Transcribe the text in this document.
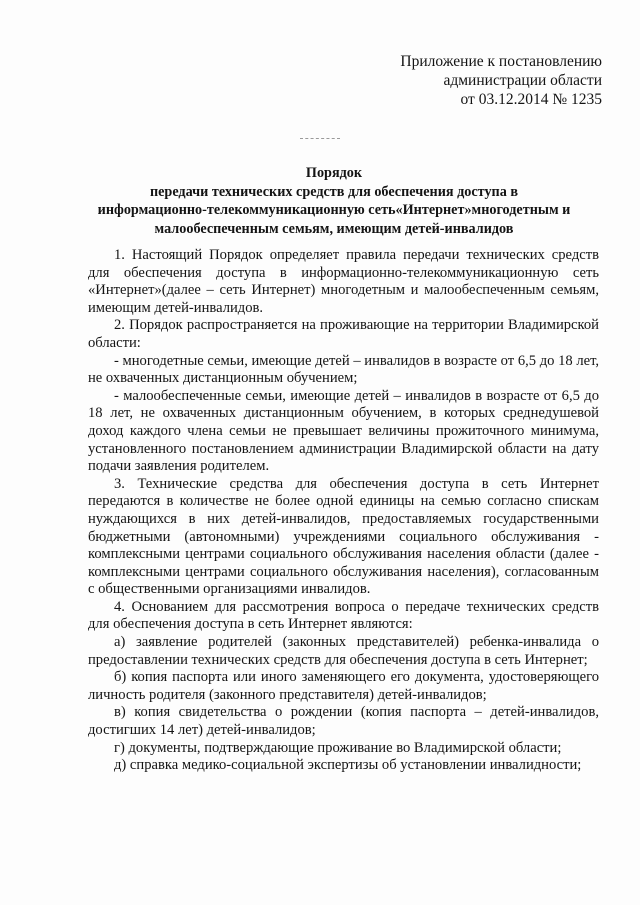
Приложение к постановлению
администрации области
от 03.12.2014 № 1235
Порядок
передачи технических средств для обеспечения доступа в
информационно-телекоммуникационную сеть«Интернет»многодетным и
малообеспеченным семьям, имеющим детей-инвалидов

1. Настоящий Порядок определяет правила передачи технических средств для обеспечения доступа в информационно-телекоммуникационную сеть «Интернет»(далее – сеть Интернет) многодетным и малообеспеченным семьям, имеющим детей-инвалидов.

2. Порядок распространяется на проживающие на территории Владимирской области:

- многодетные семьи, имеющие детей – инвалидов в возрасте от 6,5 до 18 лет, не охваченных дистанционным обучением;

- малообеспеченные семьи, имеющие детей – инвалидов в возрасте от 6,5 до 18 лет, не охваченных дистанционным обучением, в которых среднедушевой доход каждого члена семьи не превышает величины прожиточного минимума, установленного постановлением администрации Владимирской области на дату подачи заявления родителем.

3. Технические средства для обеспечения доступа в сеть Интернет передаются в количестве не более одной единицы на семью согласно спискам нуждающихся в них детей-инвалидов, предоставляемых государственными бюджетными (автономными) учреждениями социального обслуживания - комплексными центрами социального обслуживания населения области (далее - комплексными центрами социального обслуживания населения), согласованным с общественными организациями инвалидов.

4. Основанием для рассмотрения вопроса о передаче технических средств для обеспечения доступа в сеть Интернет являются:

а) заявление родителей (законных представителей) ребенка-инвалида о предоставлении технических средств для обеспечения доступа в сеть Интернет;

б) копия паспорта или иного заменяющего его документа, удостоверяющего личность родителя (законного представителя) детей-инвалидов;

в) копия свидетельства о рождении (копия паспорта – детей-инвалидов, достигших 14 лет) детей-инвалидов;

г) документы, подтверждающие проживание во Владимирской области;

д) справка медико-социальной экспертизы об установлении инвалидности;
